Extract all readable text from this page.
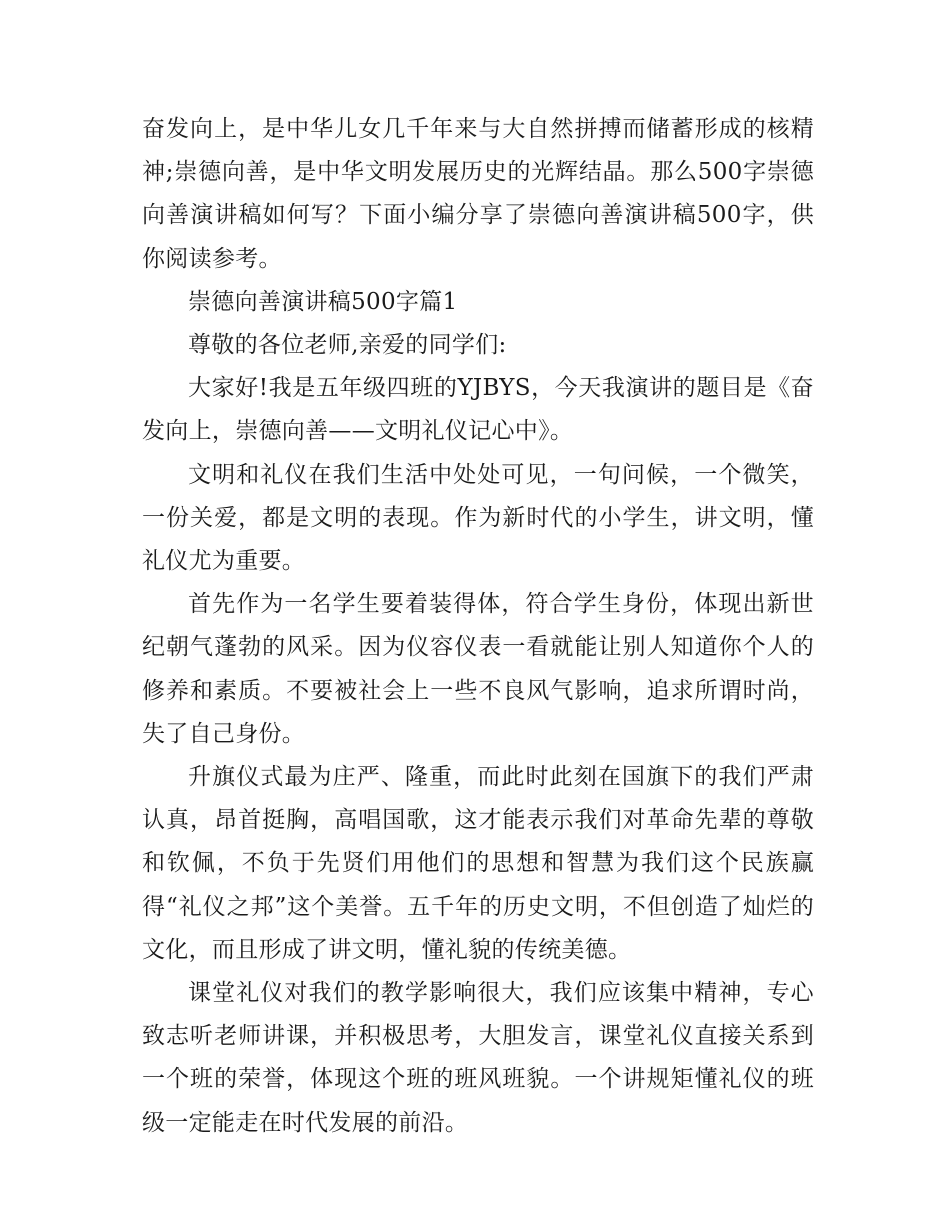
奋发向上，是中华儿女几千年来与大自然拼搏而储蓄形成的核精神;崇德向善，是中华文明发展历史的光辉结晶。那么500字崇德向善演讲稿如何写？下面小编分享了崇德向善演讲稿500字，供你阅读参考。

崇德向善演讲稿500字篇1

尊敬的各位老师,亲爱的同学们:

大家好!我是五年级四班的YJBYS，今天我演讲的题目是《奋发向上，崇德向善——文明礼仪记心中》。

文明和礼仪在我们生活中处处可见，一句问候，一个微笑，一份关爱，都是文明的表现。作为新时代的小学生，讲文明，懂礼仪尤为重要。

首先作为一名学生要着装得体，符合学生身份，体现出新世纪朝气蓬勃的风采。因为仪容仪表一看就能让别人知道你个人的修养和素质。不要被社会上一些不良风气影响，追求所谓时尚，失了自己身份。

升旗仪式最为庄严、隆重，而此时此刻在国旗下的我们严肃认真，昂首挺胸，高唱国歌，这才能表示我们对革命先辈的尊敬和钦佩，不负于先贤们用他们的思想和智慧为我们这个民族赢得“礼仪之邦”这个美誉。五千年的历史文明，不但创造了灿烂的文化，而且形成了讲文明，懂礼貌的传统美德。

课堂礼仪对我们的教学影响很大，我们应该集中精神，专心致志听老师讲课，并积极思考，大胆发言，课堂礼仪直接关系到一个班的荣誉，体现这个班的班风班貌。一个讲规矩懂礼仪的班级一定能走在时代发展的前沿。
